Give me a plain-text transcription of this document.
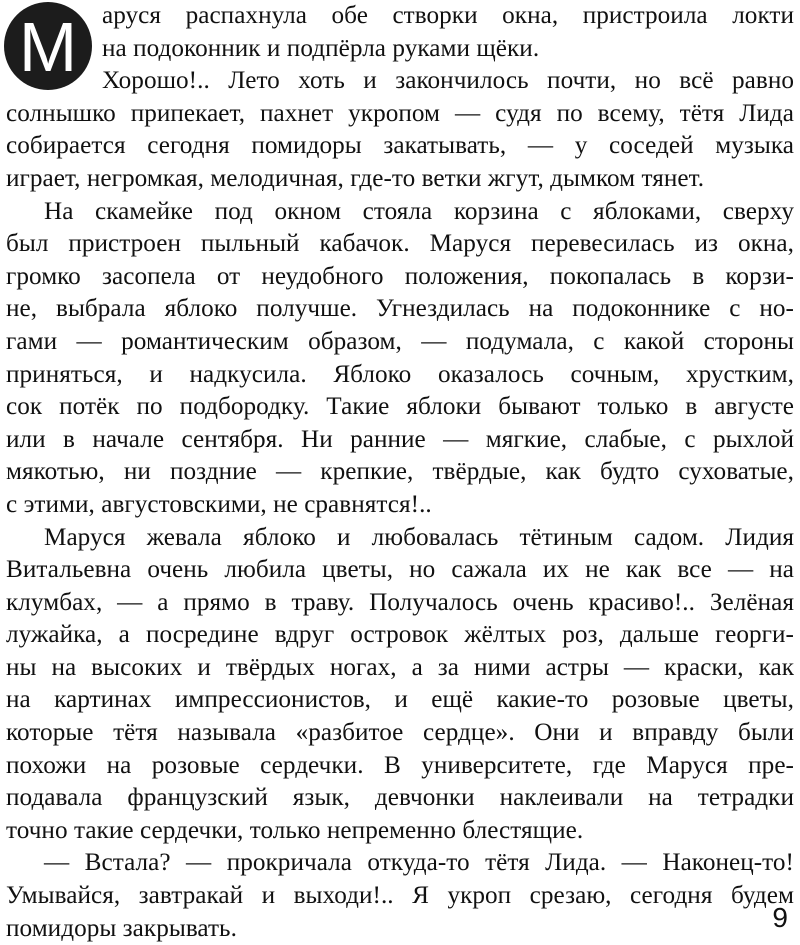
М аруся распахнула обе створки окна, пристроила локти
на подоконник и подпёрла руками щёки.
Хорошо!.. Лето хоть и закончилось почти, но всё равно
солнышко припекает, пахнет укропом — судя по всему, тётя Лида
собирается сегодня помидоры закатывать, — у соседей музыка
играет, негромкая, мелодичная, где-то ветки жгут, дымком тянет.
На скамейке под окном стояла корзина с яблоками, сверху
был пристроен пыльный кабачок. Маруся перевесилась из окна,
громко засопела от неудобного положения, покопалась в корзи-
не, выбрала яблоко получше. Угнездилась на подоконнике с но-
гами — романтическим образом, — подумала, с какой стороны
приняться, и надкусила. Яблоко оказалось сочным, хрустким,
сок потёк по подбородку. Такие яблоки бывают только в августе
или в начале сентября. Ни ранние — мягкие, слабые, с рыхлой
мякотью, ни поздние — крепкие, твёрдые, как будто суховатые,
с этими, августовскими, не сравнятся!..
Маруся жевала яблоко и любовалась тётиным садом. Лидия
Витальевна очень любила цветы, но сажала их не как все — на
клумбах, — а прямо в траву. Получалось очень красиво!.. Зелёная
лужайка, а посредине вдруг островок жёлтых роз, дальше георги-
ны на высоких и твёрдых ногах, а за ними астры — краски, как
на картинах импрессионистов, и ещё какие-то розовые цветы,
которые тётя называла «разбитое сердце». Они и вправду были
похожи на розовые сердечки. В университете, где Маруся пре-
подавала французский язык, девчонки наклеивали на тетрадки
точно такие сердечки, только непременно блестящие.
— Встала? — прокричала откуда-то тётя Лида. — Наконец-то!
Умывайся, завтракай и выходи!.. Я укроп срезаю, сегодня будем
помидоры закрывать.	9
